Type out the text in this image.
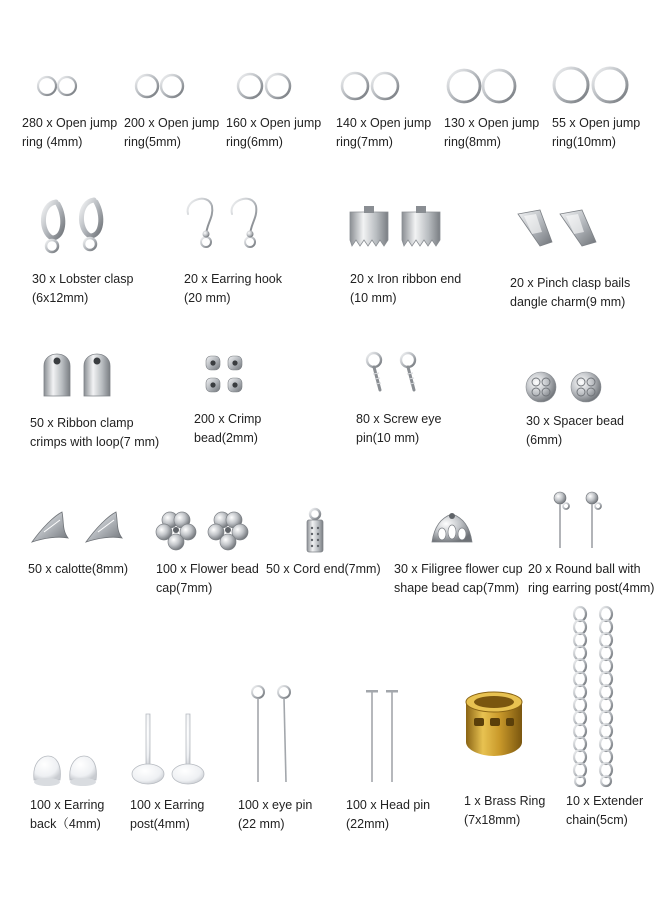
280 x Open jump
ring (4mm)
200 x Open jump
ring(5mm)
160 x Open jump
ring(6mm)
140 x Open jump
ring(7mm)
130 x Open jump
ring(8mm)
55 x Open jump
ring(10mm)
30 x Lobster clasp
(6x12mm)
20 x Earring hook
(20 mm)
20 x Iron ribbon end
(10 mm)
20 x Pinch clasp bails
dangle charm(9 mm)
50 x Ribbon clamp
crimps with loop(7 mm)
200 x Crimp
bead(2mm)
80 x Screw eye
pin(10 mm)
30 x Spacer bead
(6mm)
50 x calotte(8mm) 100 x Flower bead
cap(7mm)
50 x Cord end(7mm) 30 x Filigree flower cup
shape bead cap(7mm)
20 x Round ball with
ring earring post(4mm)
100 x Earring
back（4mm)
100 x Earring
post(4mm)
100 x eye pin
(22 mm)
100 x Head pin
(22mm)
1 x Brass Ring
(7x18mm)
10 x Extender
chain(5cm)
